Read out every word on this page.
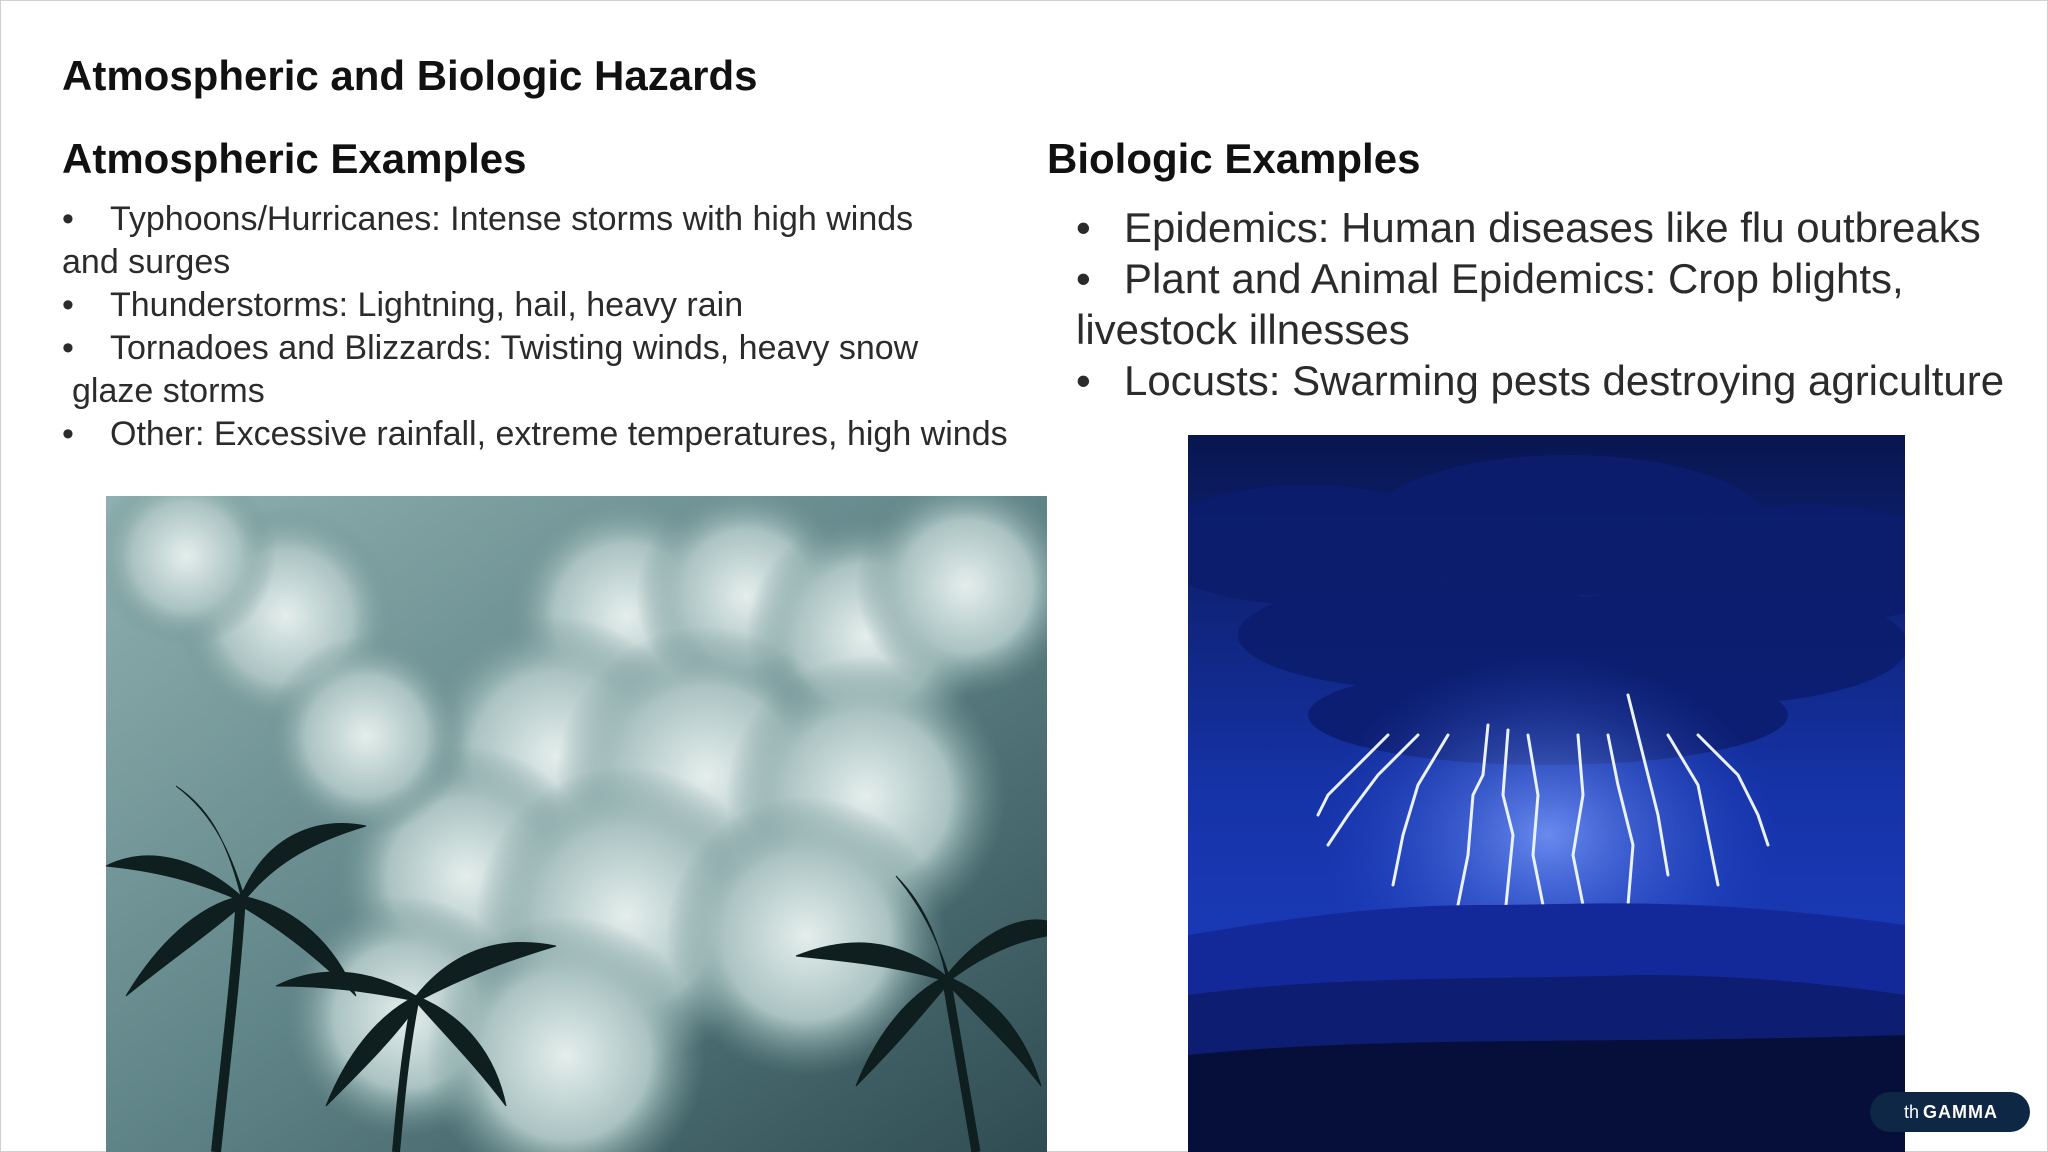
Atmospheric and Biologic Hazards
Atmospheric Examples	Biologic Examples
• Typhoons/Hurricanes: Intense storms with high winds
and surges
• Thunderstorms: Lightning, hail, heavy rain
• Tornadoes and Blizzards: Twisting winds, heavy snow
glaze storms
• Other: Excessive rainfall, extreme temperatures, high winds
• Epidemics: Human diseases like flu outbreaks
• Plant and Animal Epidemics: Crop blights,
livestock illnesses
• Locusts: Swarming pests destroying agriculture
th GAMMA
